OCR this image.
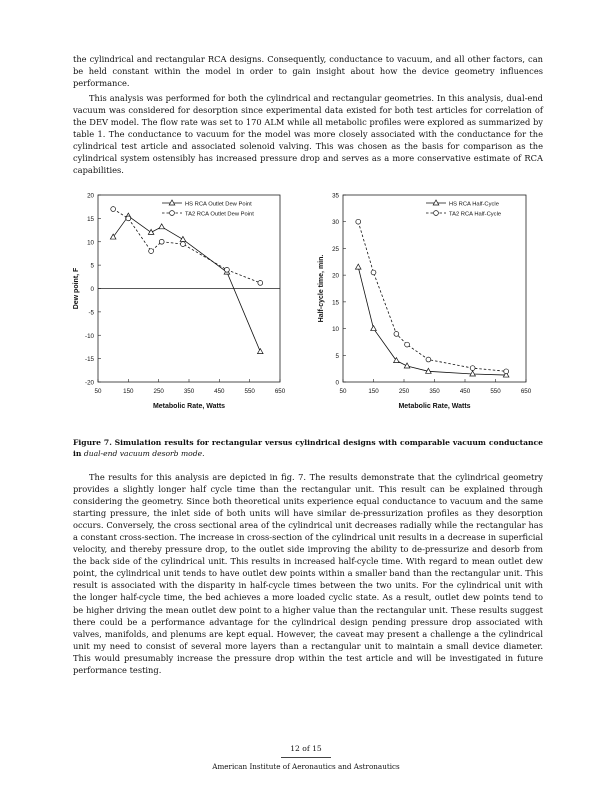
the cylindrical and rectangular RCA designs. Consequently, conductance to vacuum, and all other factors, can be held constant within the model in order to gain insight about how the device geometry influences performance.

This analysis was performed for both the cylindrical and rectangular geometries. In this analysis, dual-end vacuum was considered for desorption since experimental data existed for both test articles for correlation of the DEV model. The flow rate was set to 170 ALM while all metabolic profiles were explored as summarized by table 1. The conductance to vacuum for the model was more closely associated with the conductance for the cylindrical test article and associated solenoid valving. This was chosen as the basis for comparison as the cylindrical system ostensibly has increased pressure drop and serves as a more conservative estimate of RCA capabilities.

20
15
10
5
0
-5
-10
-15
-20
50	150	250	350	450	550	650
Metabolic Rate, Watts
Dew point, F
HS RCA Outlet Dew Point
TA2 RCA Outlet Dew Point
35
30
25
20
15
10
5
0
50	150	250	350	450	550	650
Metabolic Rate, Watts
Half-cycle time, min.
HS RCA Half-Cycle
TA2 RCA Half-Cycle

Figure 7. Simulation results for rectangular versus cylindrical designs with comparable vacuum conductance in dual-end vacuum desorb mode.

The results for this analysis are depicted in fig. 7. The results demonstrate that the cylindrical geometry provides a slightly longer half cycle time than the rectangular unit. This result can be explained through considering the geometry. Since both theoretical units experience equal conductance to vacuum and the same starting pressure, the inlet side of both units will have similar de-pressurization profiles as they desorption occurs. Conversely, the cross sectional area of the cylindrical unit decreases radially while the rectangular has a constant cross-section. The increase in cross-section of the cylindrical unit results in a decrease in superficial velocity, and thereby pressure drop, to the outlet side improving the ability to de-pressurize and desorb from the back side of the cylindrical unit. This results in increased half-cycle time. With regard to mean outlet dew point, the cylindrical unit tends to have outlet dew points within a smaller band than the rectangular unit. This result is associated with the disparity in half-cycle times between the two units. For the cylindrical unit with the longer half-cycle time, the bed achieves a more loaded cyclic state. As a result, outlet dew points tend to be higher driving the mean outlet dew point to a higher value than the rectangular unit. These results suggest there could be a performance advantage for the cylindrical design pending pressure drop associated with valves, manifolds, and plenums are kept equal. However, the caveat may present a challenge a the cylindrical unit my need to consist of several more layers than a rectangular unit to maintain a small device diameter. This would presumably increase the pressure drop within the test article and will be investigated in future performance testing.

12 of 15
American Institute of Aeronautics and Astronautics
